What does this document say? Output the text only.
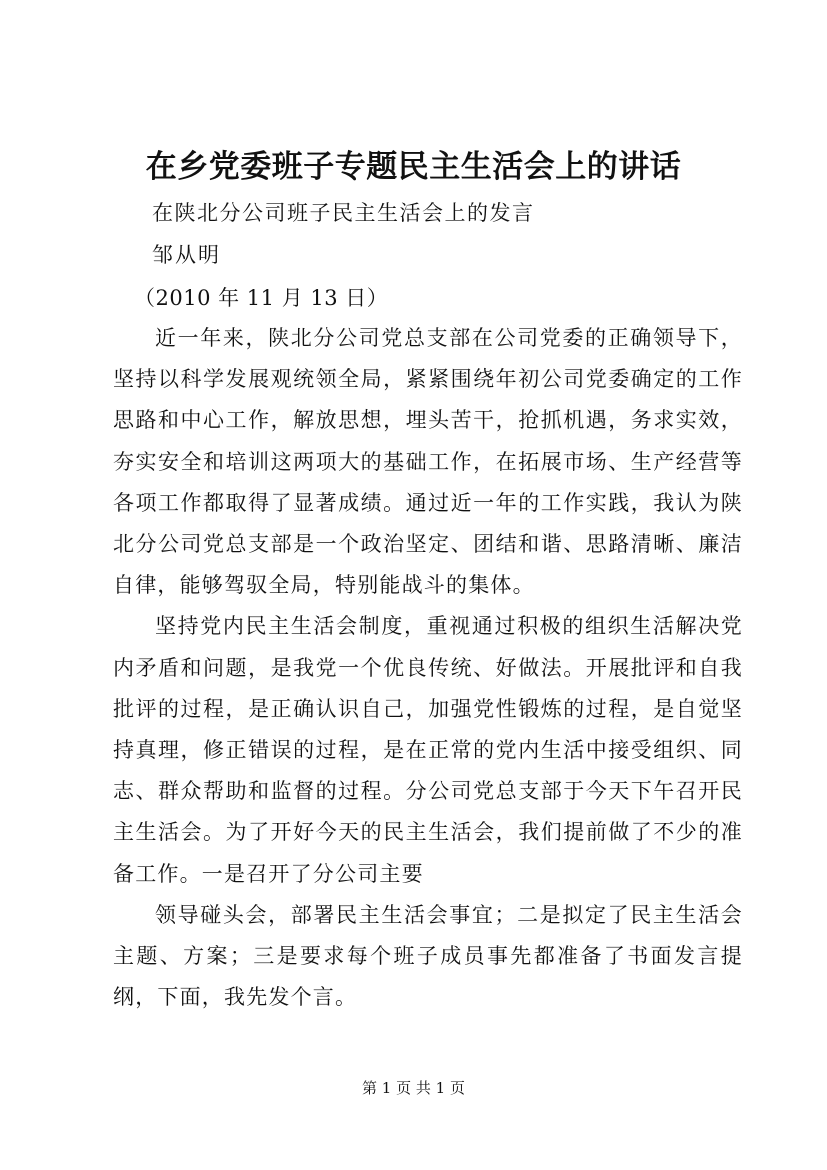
在乡党委班子专题民主生活会上的讲话
在陕北分公司班子民主生活会上的发言
邹从明
（2010 年 11 月 13 日）

近一年来，陕北分公司党总支部在公司党委的正确领导下，坚持以科学发展观统领全局，紧紧围绕年初公司党委确定的工作思路和中心工作，解放思想，埋头苦干，抢抓机遇，务求实效，夯实安全和培训这两项大的基础工作，在拓展市场、生产经营等各项工作都取得了显著成绩。通过近一年的工作实践，我认为陕北分公司党总支部是一个政治坚定、团结和谐、思路清晰、廉洁自律，能够驾驭全局，特别能战斗的集体。

坚持党内民主生活会制度，重视通过积极的组织生活解决党内矛盾和问题，是我党一个优良传统、好做法。开展批评和自我批评的过程，是正确认识自己，加强党性锻炼的过程，是自觉坚持真理，修正错误的过程，是在正常的党内生活中接受组织、同志、群众帮助和监督的过程。分公司党总支部于今天下午召开民主生活会。为了开好今天的民主生活会，我们提前做了不少的准备工作。一是召开了分公司主要

领导碰头会，部署民主生活会事宜；二是拟定了民主生活会主题、方案；三是要求每个班子成员事先都准备了书面发言提纲，下面，我先发个言。

第 1 页 共 1 页
